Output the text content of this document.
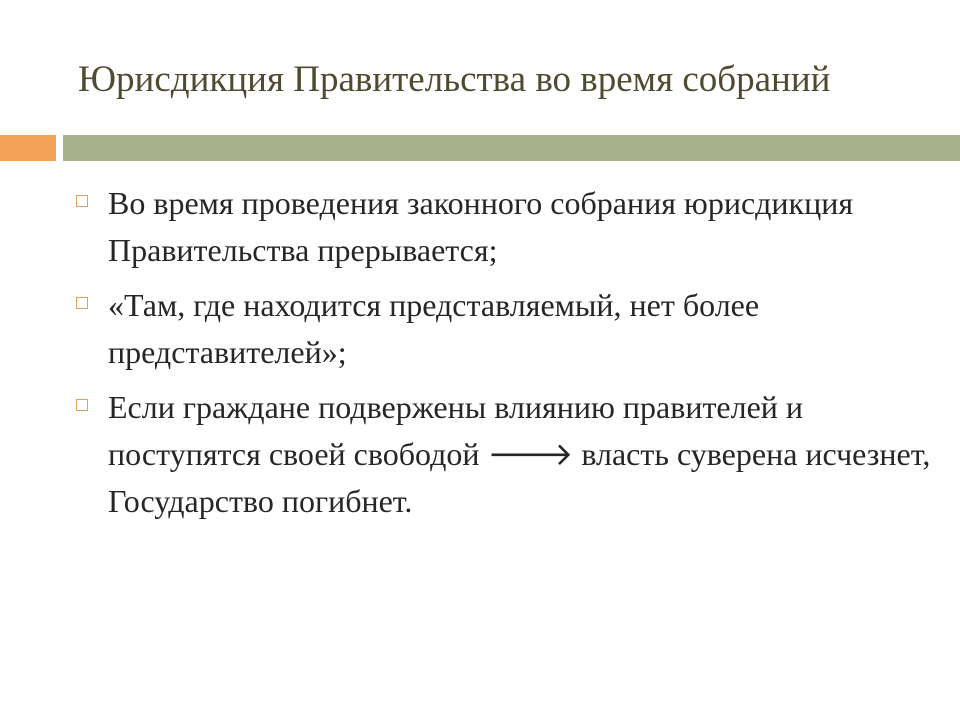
Юрисдикция Правительства во время собраний
Во время проведения законного собрания юрисдикция Правительства прерывается;
«Там, где находится представляемый, нет более представителей»;
Если граждане подвержены влиянию правителей и поступятся своей свободой 🡒 власть суверена исчезнет, Государство погибнет.
